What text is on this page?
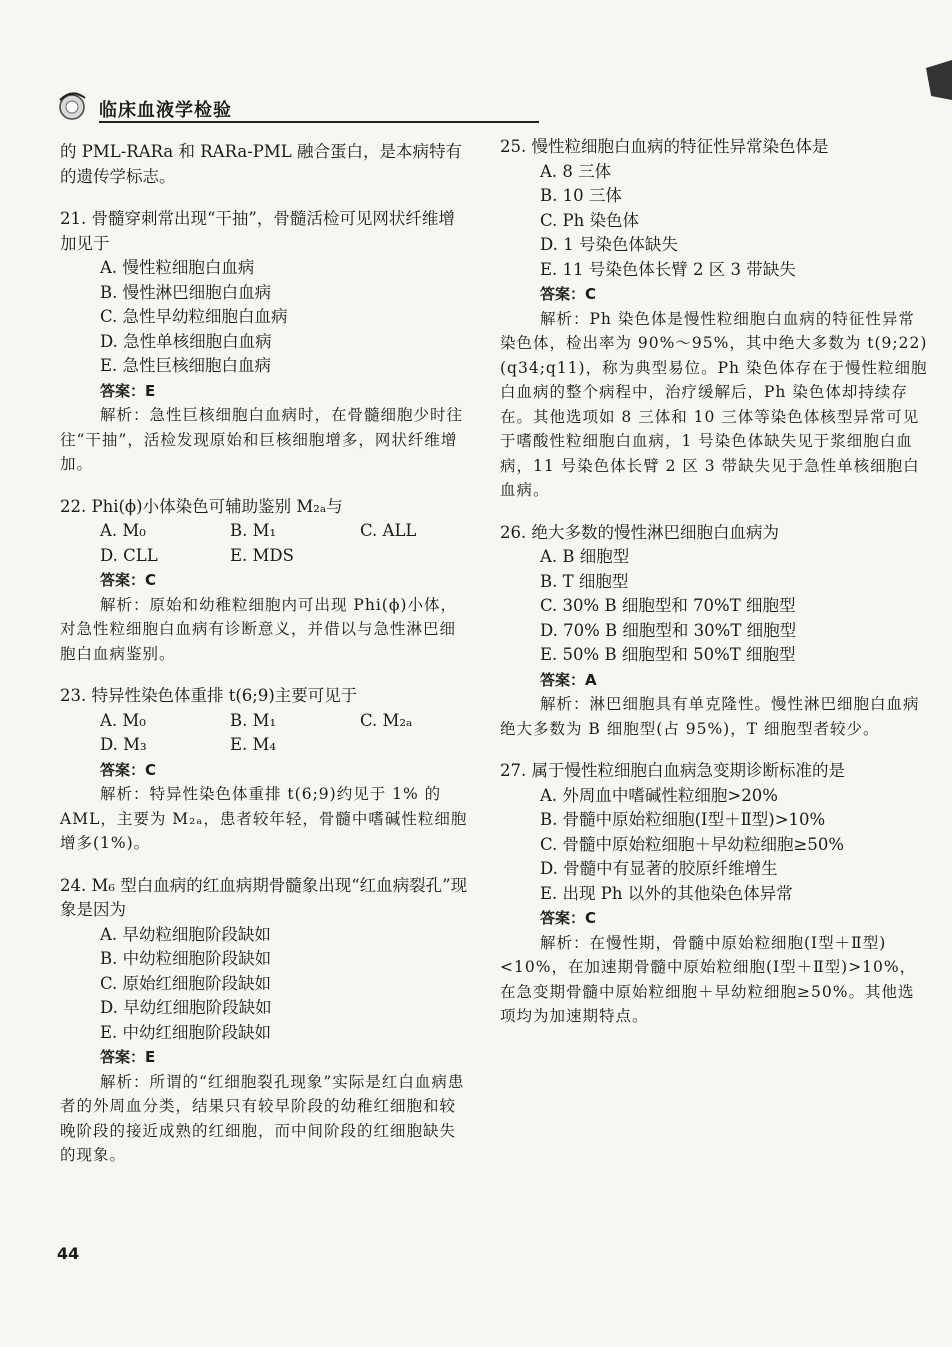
临床血液学检验

的 PML-RARa 和 RARa-PML 融合蛋白，是本病特有的遗传学标志。

21. 骨髓穿刺常出现“干抽”，骨髓活检可见网状纤维增加见于

A. 慢性粒细胞白血病

B. 慢性淋巴细胞白血病

C. 急性早幼粒细胞白血病

D. 急性单核细胞白血病

E. 急性巨核细胞白血病

答案：E

解析：急性巨核细胞白血病时，在骨髓细胞少时往往“干抽”，活检发现原始和巨核细胞增多，网状纤维增加。

22. Phi(ϕ)小体染色可辅助鉴别 M₂ₐ与

A. M₀	B. M₁	C. ALL
D. CLL	E. MDS

答案：C

解析：原始和幼稚粒细胞内可出现 Phi(ϕ)小体，对急性粒细胞白血病有诊断意义，并借以与急性淋巴细胞白血病鉴别。

23. 特异性染色体重排 t(6;9)主要可见于

A. M₀	B. M₁	C. M₂ₐ
D. M₃	E. M₄

答案：C

解析：特异性染色体重排 t(6;9)约见于 1% 的 AML，主要为 M₂ₐ，患者较年轻，骨髓中嗜碱性粒细胞增多(1%)。

24. M₆ 型白血病的红血病期骨髓象出现“红血病裂孔”现象是因为

A. 早幼粒细胞阶段缺如

B. 中幼粒细胞阶段缺如

C. 原始红细胞阶段缺如

D. 早幼红细胞阶段缺如

E. 中幼红细胞阶段缺如

答案：E

解析：所谓的“红细胞裂孔现象”实际是红白血病患者的外周血分类，结果只有较早阶段的幼稚红细胞和较晚阶段的接近成熟的红细胞，而中间阶段的红细胞缺失的现象。

25. 慢性粒细胞白血病的特征性异常染色体是

A. 8 三体

B. 10 三体

C. Ph 染色体

D. 1 号染色体缺失

E. 11 号染色体长臂 2 区 3 带缺失

答案：C

解析：Ph 染色体是慢性粒细胞白血病的特征性异常染色体，检出率为 90%～95%，其中绝大多数为 t(9;22)(q34;q11)，称为典型易位。Ph 染色体存在于慢性粒细胞白血病的整个病程中，治疗缓解后，Ph 染色体却持续存在。其他选项如 8 三体和 10 三体等染色体核型异常可见于嗜酸性粒细胞白血病，1 号染色体缺失见于浆细胞白血病，11 号染色体长臂 2 区 3 带缺失见于急性单核细胞白血病。

26. 绝大多数的慢性淋巴细胞白血病为

A. B 细胞型

B. T 细胞型

C. 30% B 细胞型和 70%T 细胞型

D. 70% B 细胞型和 30%T 细胞型

E. 50% B 细胞型和 50%T 细胞型

答案：A

解析：淋巴细胞具有单克隆性。慢性淋巴细胞白血病绝大多数为 B 细胞型(占 95%)，T 细胞型者较少。

27. 属于慢性粒细胞白血病急变期诊断标准的是

A. 外周血中嗜碱性粒细胞>20%

B. 骨髓中原始粒细胞(Ⅰ型＋Ⅱ型)>10%

C. 骨髓中原始粒细胞＋早幼粒细胞≥50%

D. 骨髓中有显著的胶原纤维增生

E. 出现 Ph 以外的其他染色体异常

答案：C

解析：在慢性期，骨髓中原始粒细胞(Ⅰ型＋Ⅱ型)<10%，在加速期骨髓中原始粒细胞(Ⅰ型＋Ⅱ型)>10%，在急变期骨髓中原始粒细胞＋早幼粒细胞≥50%。其他选项均为加速期特点。

44
